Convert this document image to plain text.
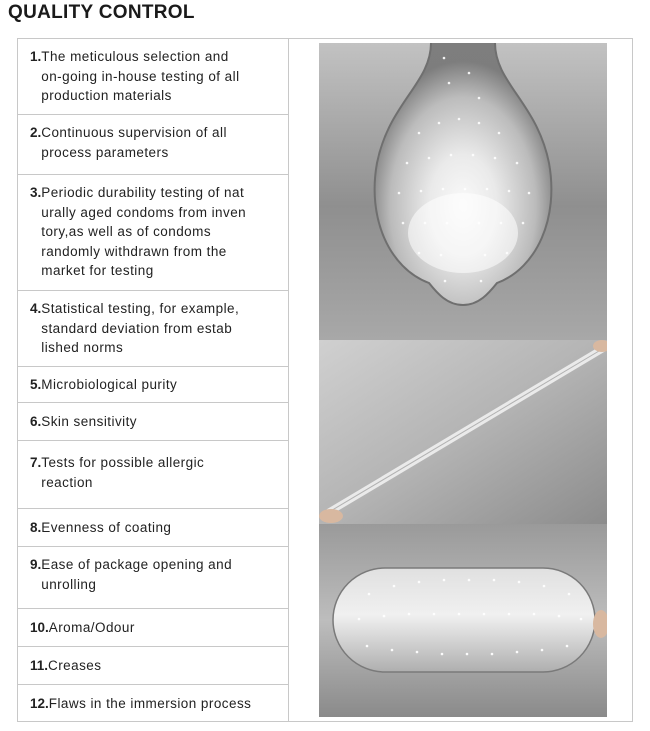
QUALITY CONTROL
1. The meticulous selection and
on-going in-house testing of all
production materials
2. Continuous supervision of all
process parameters
3. Periodic durability testing of nat
urally aged condoms from inven
tory,as well as of condoms
randomly withdrawn from the
market for testing
4. Statistical testing, for example,
standard deviation from estab
lished norms
5. Microbiological purity
6. Skin sensitivity
7. Tests for possible allergic
reaction
8. Evenness of coating
9. Ease of package opening and
unrolling
10. Aroma/Odour
11. Creases
12. Flaws in the immersion process
